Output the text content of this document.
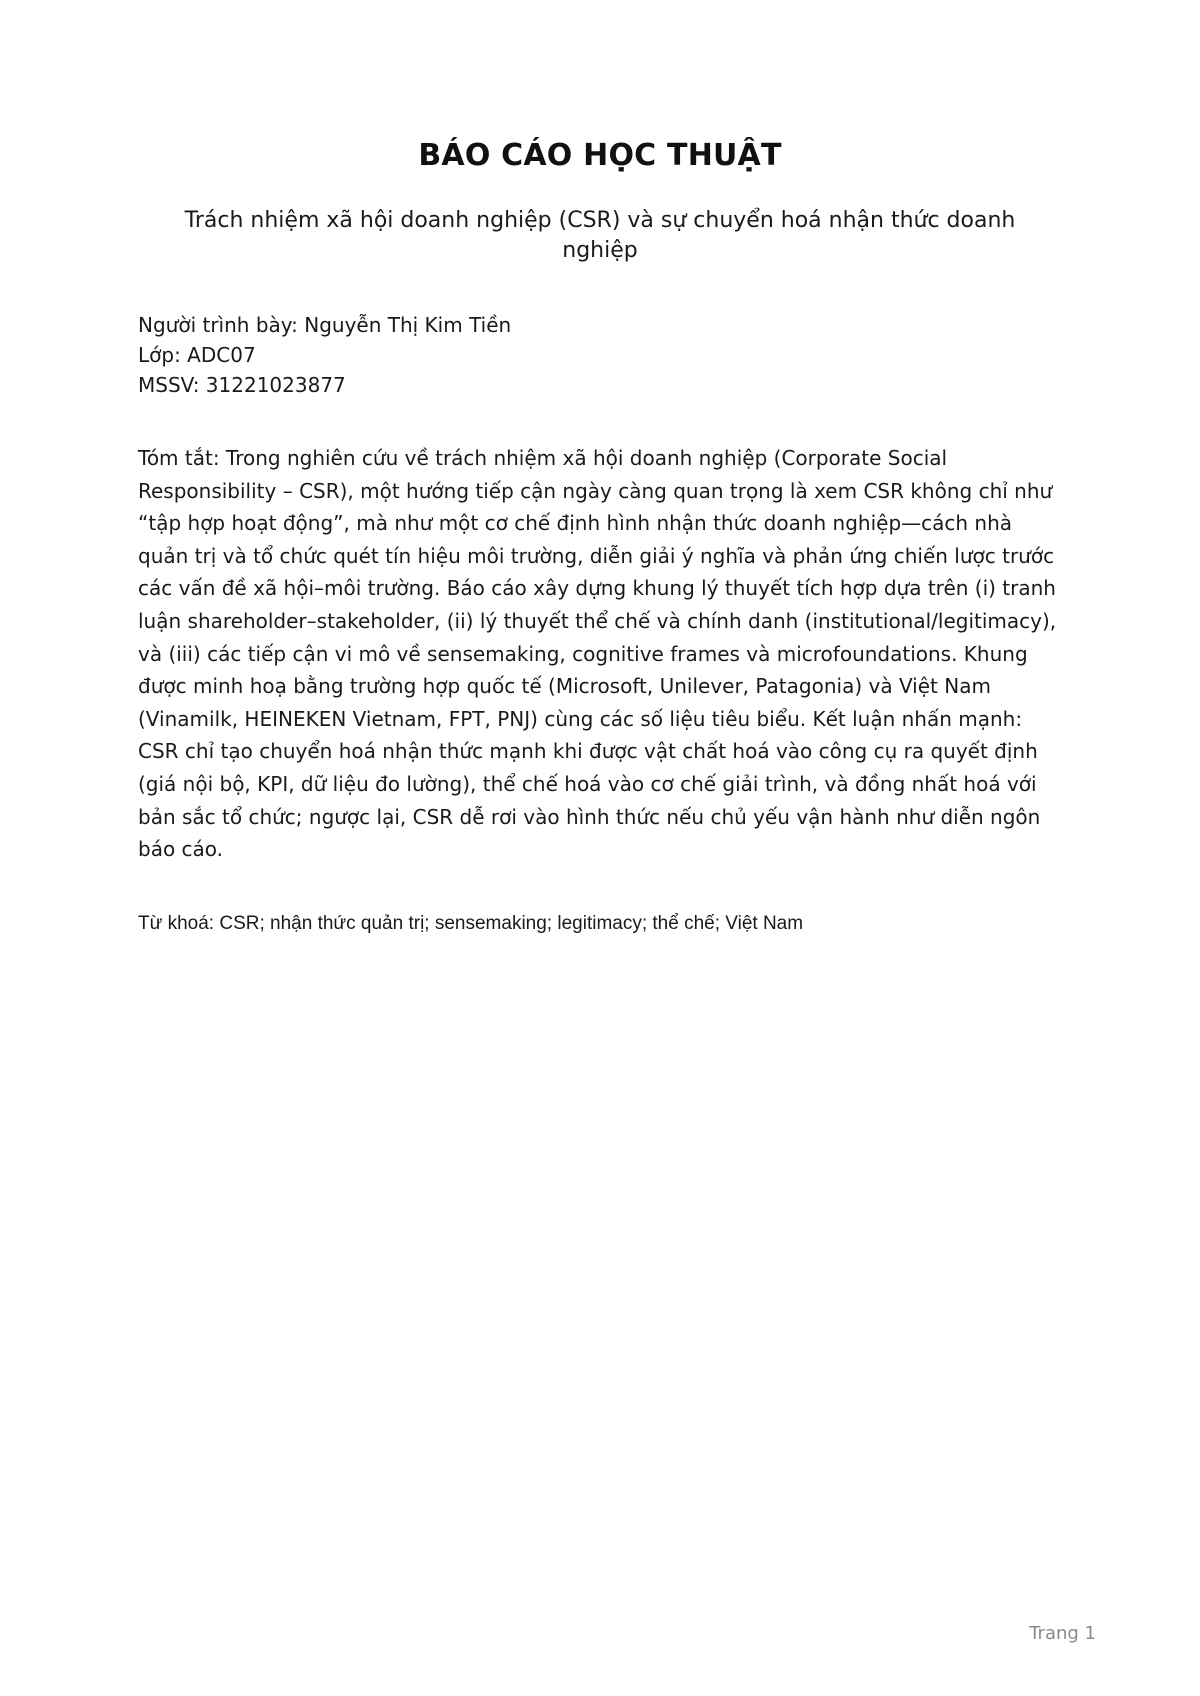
BÁO CÁO HỌC THUẬT

Trách nhiệm xã hội doanh nghiệp (CSR) và sự chuyển hoá nhận thức doanh nghiệp

Người trình bày: Nguyễn Thị Kim Tiền
Lớp: ADC07
MSSV: 31221023877

Tóm tắt: Trong nghiên cứu về trách nhiệm xã hội doanh nghiệp (Corporate Social Responsibility – CSR), một hướng tiếp cận ngày càng quan trọng là xem CSR không chỉ như “tập hợp hoạt động”, mà như một cơ chế định hình nhận thức doanh nghiệp—cách nhà quản trị và tổ chức quét tín hiệu môi trường, diễn giải ý nghĩa và phản ứng chiến lược trước các vấn đề xã hội–môi trường. Báo cáo xây dựng khung lý thuyết tích hợp dựa trên (i) tranh luận shareholder–stakeholder, (ii) lý thuyết thể chế và chính danh (institutional/legitimacy), và (iii) các tiếp cận vi mô về sensemaking, cognitive frames và microfoundations. Khung được minh hoạ bằng trường hợp quốc tế (Microsoft, Unilever, Patagonia) và Việt Nam (Vinamilk, HEINEKEN Vietnam, FPT, PNJ) cùng các số liệu tiêu biểu. Kết luận nhấn mạnh: CSR chỉ tạo chuyển hoá nhận thức mạnh khi được vật chất hoá vào công cụ ra quyết định (giá nội bộ, KPI, dữ liệu đo lường), thể chế hoá vào cơ chế giải trình, và đồng nhất hoá với bản sắc tổ chức; ngược lại, CSR dễ rơi vào hình thức nếu chủ yếu vận hành như diễn ngôn báo cáo.

Từ khoá: CSR; nhận thức quản trị; sensemaking; legitimacy; thể chế; Việt Nam

Trang 1
